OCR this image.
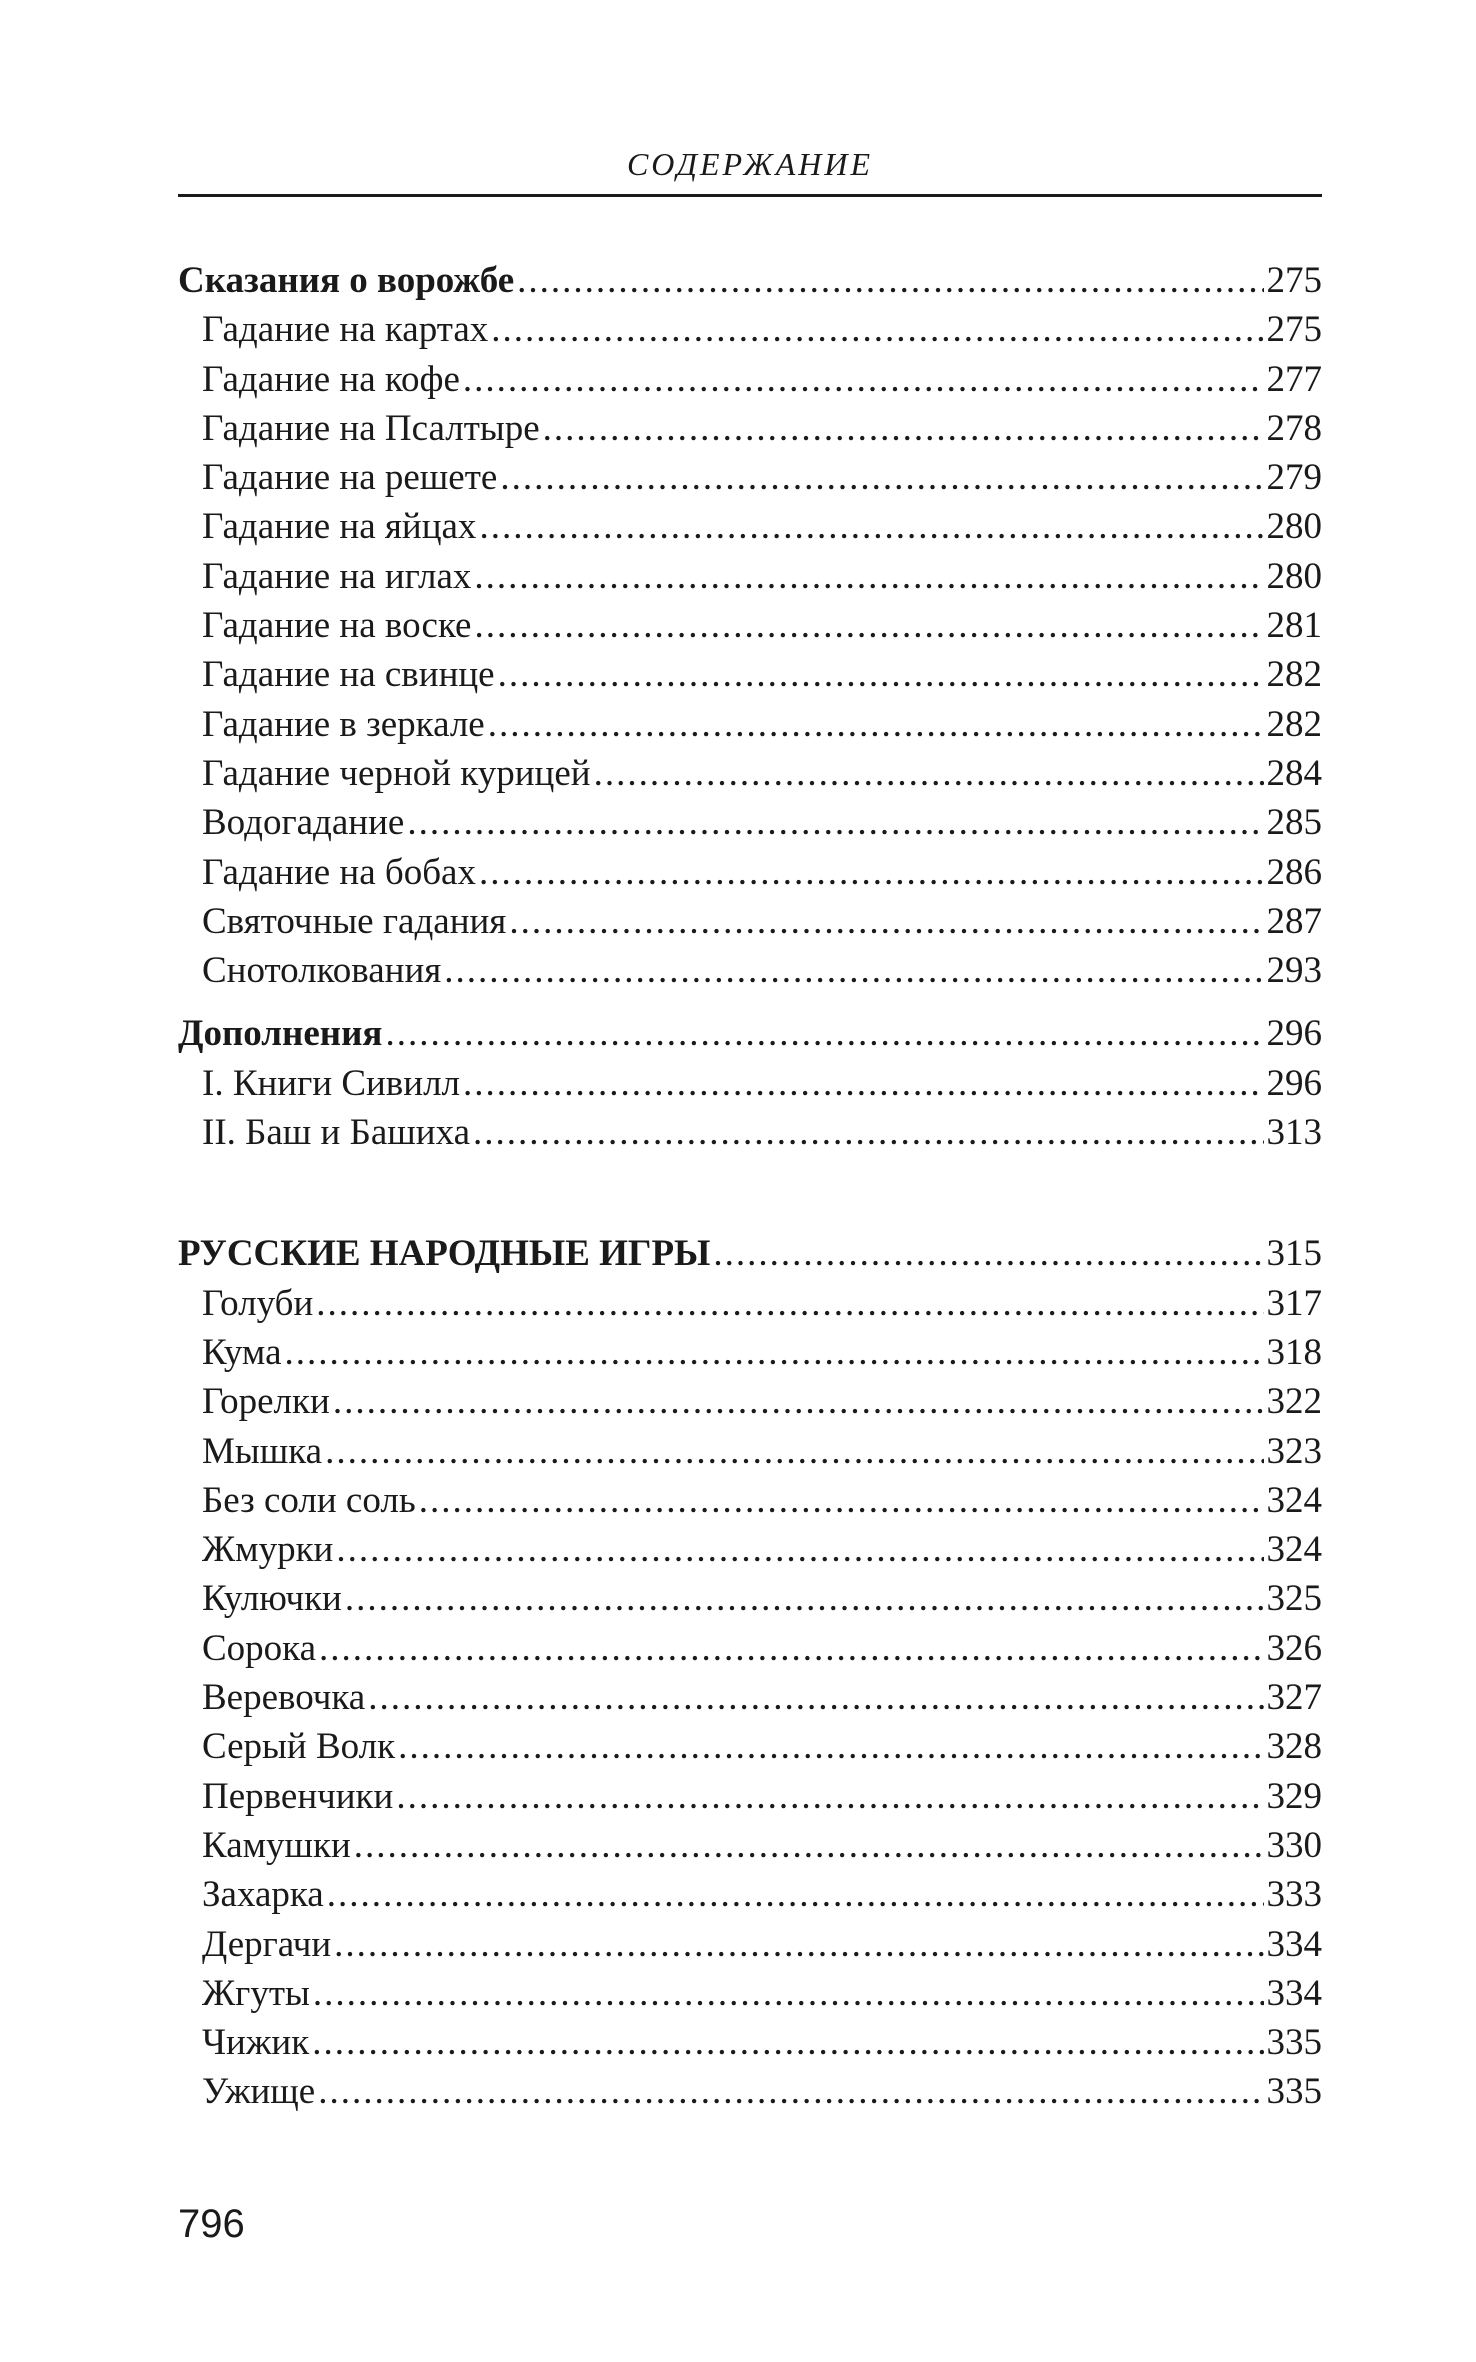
СОДЕРЖАНИЕ
Сказания о ворожбе .....	275
Гадание на картах .....	275
Гадание на кофе .....	277
Гадание на Псалтыре .....	278
Гадание на решете .....	279
Гадание на яйцах .....	280
Гадание на иглах .....	280
Гадание на воске .....	281
Гадание на свинце .....	282
Гадание в зеркале .....	282
Гадание черной курицей .....	284
Водогадание .....	285
Гадание на бобах .....	286
Святочные гадания .....	287
Снотолкования .....	293
Дополнения .....	296
I. Книги Сивилл .....	296
II. Баш и Башиха .....	313
РУССКИЕ НАРОДНЫЕ ИГРЫ .....	315
Голуби .....	317
Кума .....	318
Горелки .....	322
Мышка .....	323
Без соли соль .....	324
Жмурки .....	324
Кулючки .....	325
Сорока .....	326
Веревочка .....	327
Серый Волк .....	328
Первенчики .....	329
Камушки .....	330
Захарка .....	333
Дергачи .....	334
Жгуты .....	334
Чижик .....	335
Ужище .....	335
796
